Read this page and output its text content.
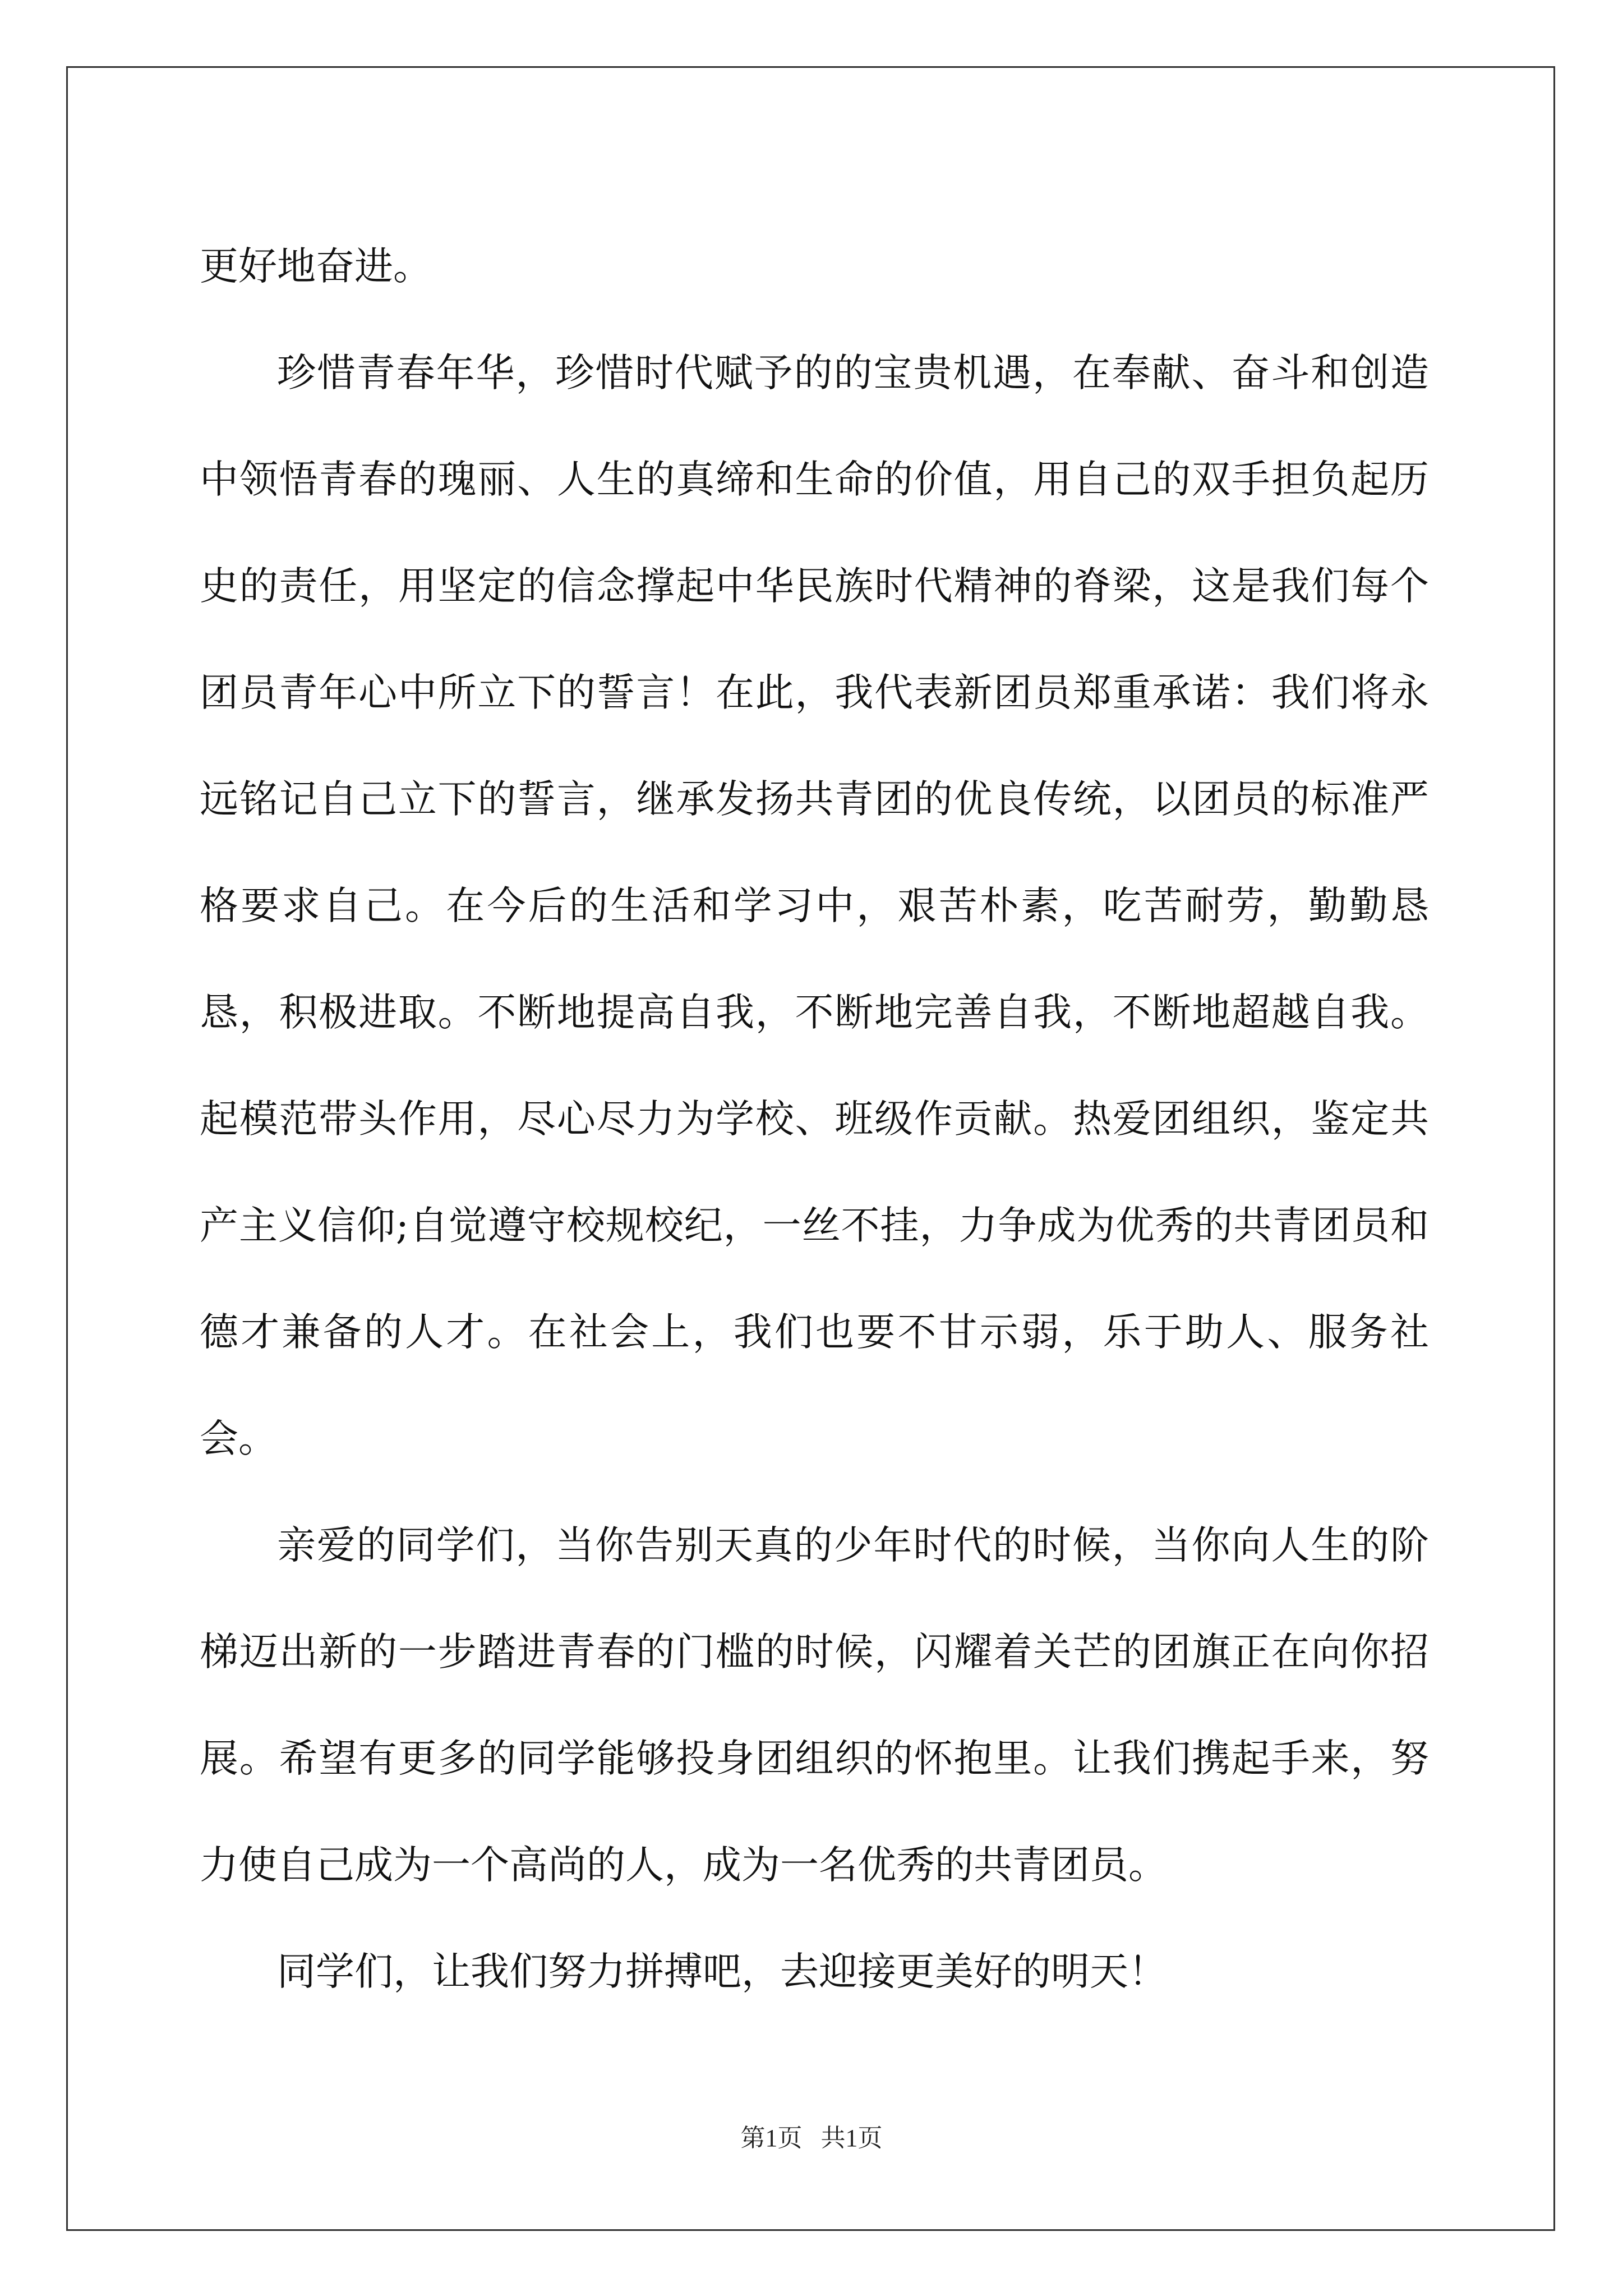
更好地奋进。

珍惜青春年华，珍惜时代赋予的的宝贵机遇，在奉献、奋斗和创造中领悟青春的瑰丽、人生的真缔和生命的价值，用自己的双手担负起历史的责任，用坚定的信念撑起中华民族时代精神的脊梁，这是我们每个团员青年心中所立下的誓言！在此，我代表新团员郑重承诺：我们将永远铭记自己立下的誓言，继承发扬共青团的优良传统，以团员的标准严格要求自己。在今后的生活和学习中，艰苦朴素，吃苦耐劳，勤勤恳恳，积极进取。不断地提高自我，不断地完善自我，不断地超越自我。起模范带头作用，尽心尽力为学校、班级作贡献。热爱团组织，鉴定共产主义信仰;自觉遵守校规校纪，一丝不挂，力争成为优秀的共青团员和德才兼备的人才。在社会上，我们也要不甘示弱，乐于助人、服务社会。

亲爱的同学们，当你告别天真的少年时代的时候，当你向人生的阶梯迈出新的一步踏进青春的门槛的时候，闪耀着关芒的团旗正在向你招展。希望有更多的同学能够投身团组织的怀抱里。让我们携起手来，努力使自己成为一个高尚的人，成为一名优秀的共青团员。

同学们，让我们努力拼搏吧，去迎接更美好的明天！

第1页   共1页
